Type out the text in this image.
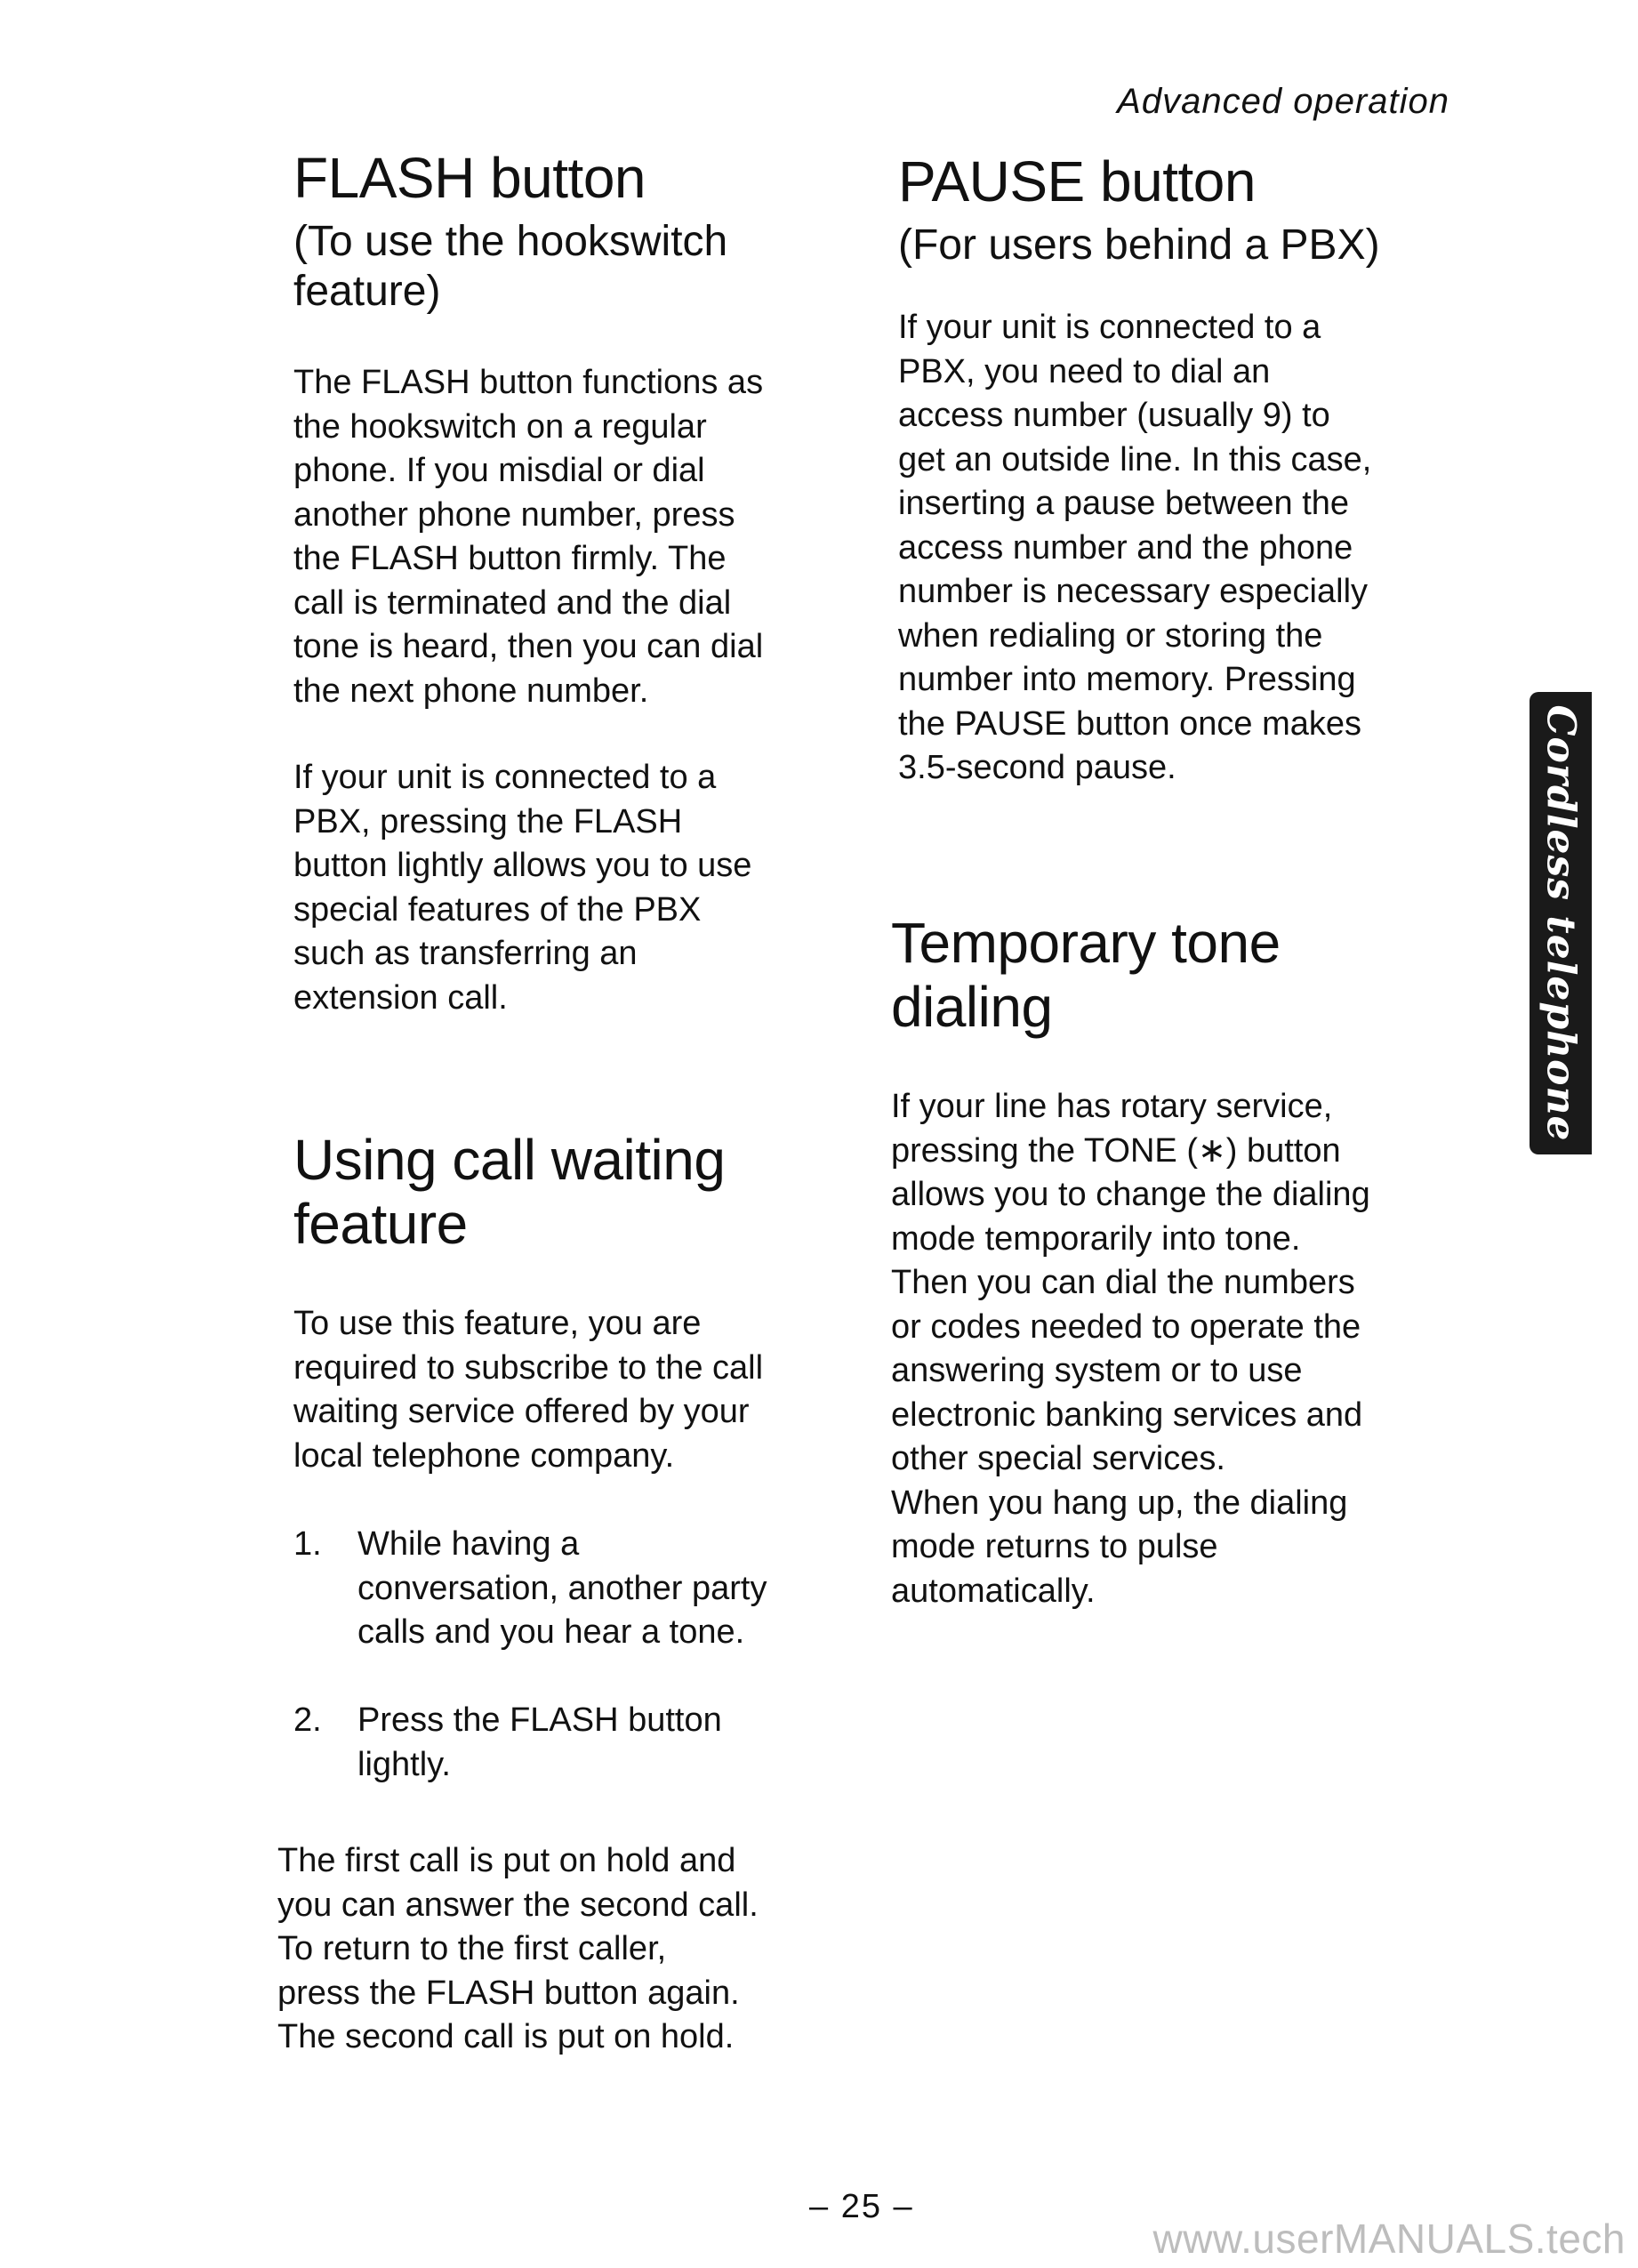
Advanced operation

FLASH button

(To use the hookswitch
feature)

The FLASH button functions as
the hookswitch on a regular
phone. If you misdial or dial
another phone number, press
the FLASH button firmly. The
call is terminated and the dial
tone is heard, then you can dial
the next phone number.

If your unit is connected to a
PBX, pressing the FLASH
button lightly allows you to use
special features of the PBX
such as transferring an
extension call.

Using call waiting
feature

To use this feature, you are
required to subscribe to the call
waiting service offered by your
local telephone company.

1. While having a
conversation, another party
calls and you hear a tone.
2. Press the FLASH button
lightly.

The first call is put on hold and
you can answer the second call.
To return to the first caller,
press the FLASH button again.
The second call is put on hold.

PAUSE button

(For users behind a PBX)

If your unit is connected to a
PBX, you need to dial an
access number (usually 9) to
get an outside line. In this case,
inserting a pause between the
access number and the phone
number is necessary especially
when redialing or storing the
number into memory. Pressing
the PAUSE button once makes
3.5-second pause.

Temporary tone
dialing

If your line has rotary service,
pressing the TONE (∗) button
allows you to change the dialing
mode temporarily into tone.
Then you can dial the numbers
or codes needed to operate the
answering system or to use
electronic banking services and
other special services.
When you hang up, the dialing
mode returns to pulse
automatically.

Cordless telephone
– 25 –
www.userMANUALS.tech
